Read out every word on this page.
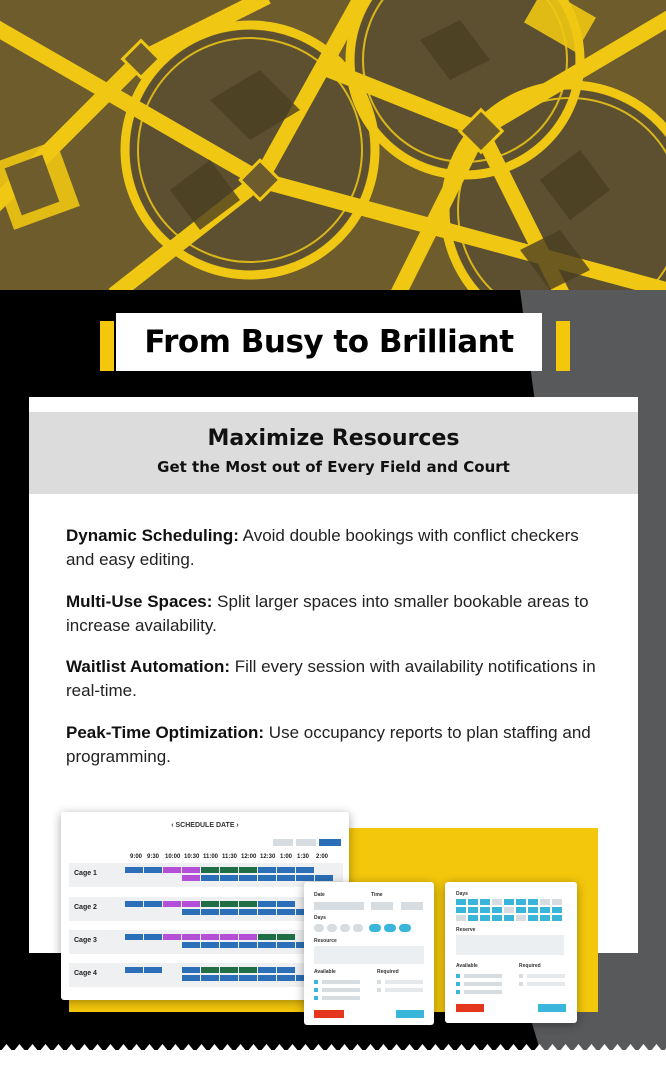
From Busy to Brilliant
Maximize Resources
Get the Most out of Every Field and Court

Dynamic Scheduling: Avoid double bookings with conflict checkers and easy editing.

Multi-Use Spaces: Split larger spaces into smaller bookable areas to increase availability.

Waitlist Automation: Fill every session with availability notifications in real-time.

Peak-Time Optimization: Use occupancy reports to plan staffing and programming.

‹ SCHEDULE DATE ›
Cage 1
Cage 2
Cage 3
Cage 4
9:00 9:30 10:00 10:30 11:00 11:30 12:00 12:30 1:00 1:30 2:00
Date	Time
Days
Resource
Available	Required
Days
Reserve
Available	Required
